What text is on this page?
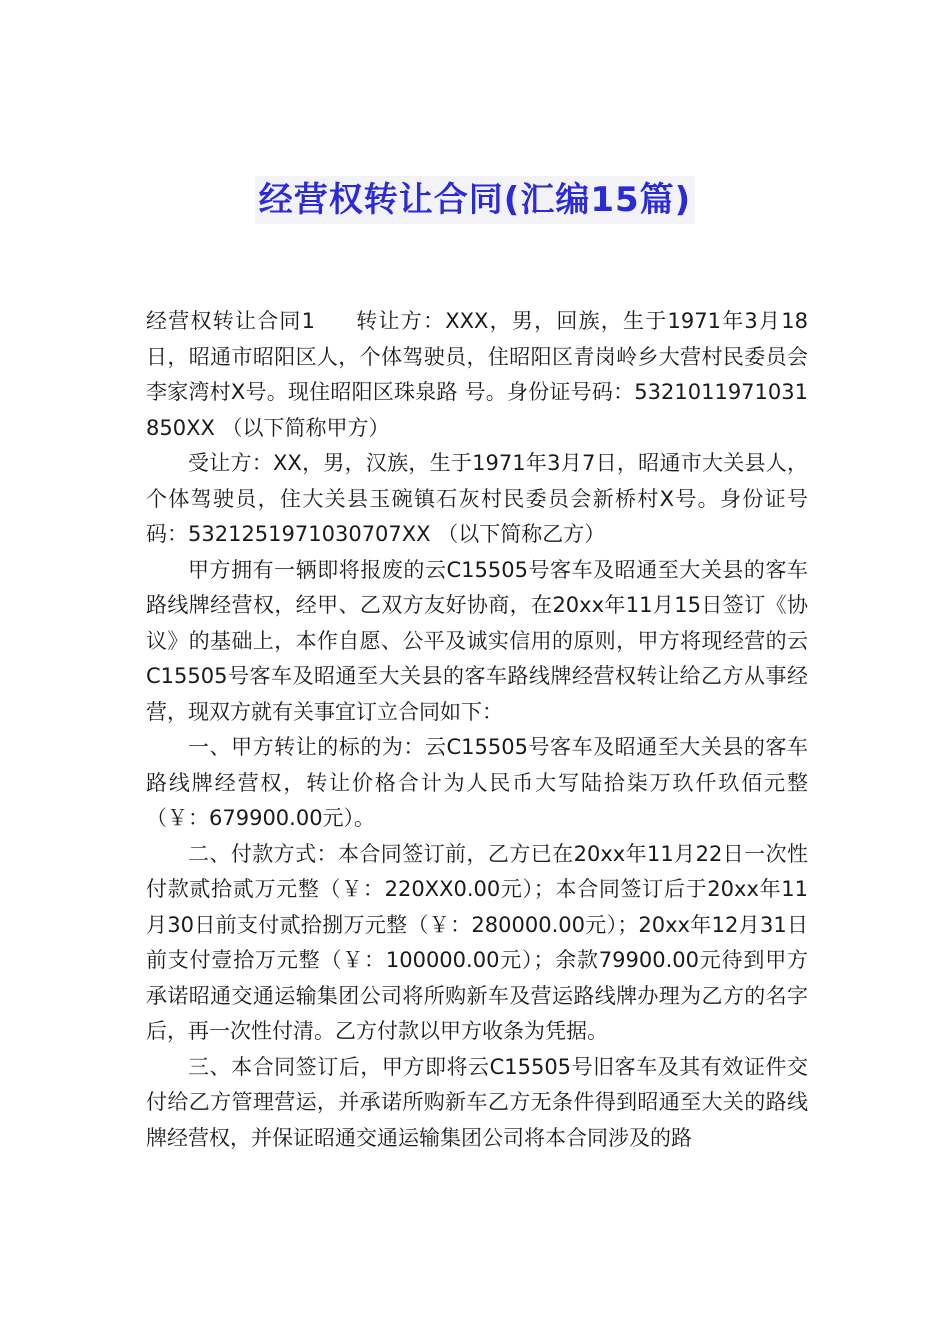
经营权转让合同(汇编15篇)

经营权转让合同1 转让方：XXX，男，回族，生于1971年3月18日，昭通市昭阳区人，个体驾驶员，住昭阳区青岗岭乡大营村民委员会李家湾村X号。现住昭阳区珠泉路 号。身份证号码：5321011971031850XX （以下简称甲方）

受让方：XX，男，汉族，生于1971年3月7日，昭通市大关县人，个体驾驶员，住大关县玉碗镇石灰村民委员会新桥村X号。身份证号码：5321251971030707XX （以下简称乙方）

甲方拥有一辆即将报废的云C15505号客车及昭通至大关县的客车路线牌经营权，经甲、乙双方友好协商，在20xx年11月15日签订《协议》的基础上，本作自愿、公平及诚实信用的原则，甲方将现经营的云C15505号客车及昭通至大关县的客车路线牌经营权转让给乙方从事经营，现双方就有关事宜订立合同如下：

一、甲方转让的标的为：云C15505号客车及昭通至大关县的客车路线牌经营权，转让价格合计为人民币大写陆拾柒万玖仟玖佰元整 （￥：679900.00元）。

二、付款方式：本合同签订前，乙方已在20xx年11月22日一次性付款贰拾贰万元整（￥：220XX0.00元）；本合同签订后于20xx年11月30日前支付贰拾捌万元整（￥：280000.00元）；20xx年12月31日前支付壹拾万元整（￥：100000.00元）；余款79900.00元待到甲方承诺昭通交通运输集团公司将所购新车及营运路线牌办理为乙方的名字后，再一次性付清。乙方付款以甲方收条为凭据。

三、本合同签订后，甲方即将云C15505号旧客车及其有效证件交付给乙方管理营运，并承诺所购新车乙方无条件得到昭通至大关的路线牌经营权，并保证昭通交通运输集团公司将本合同涉及的路
